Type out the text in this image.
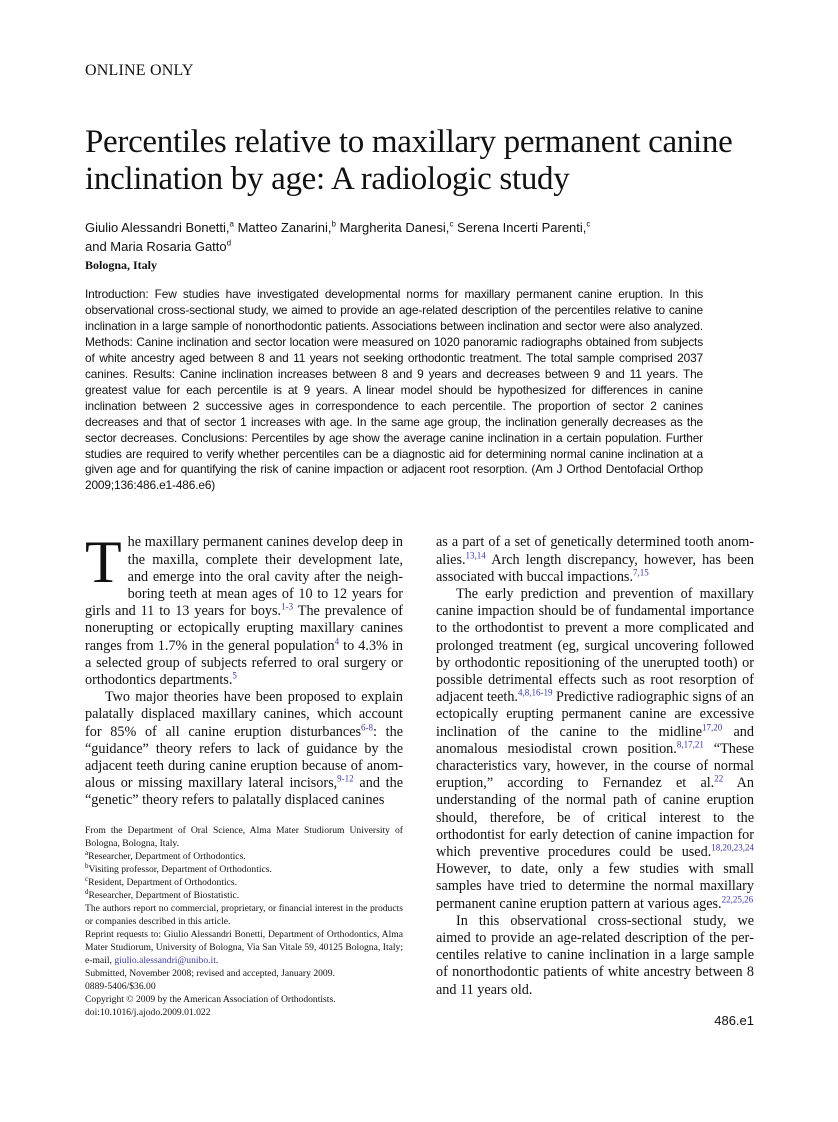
ONLINE ONLY
Percentiles relative to maxillary permanent canine inclination by age: A radiologic study
Giulio Alessandri Bonetti,$^a$ Matteo Zanarini,$^b$ Margherita Danesi,$^c$ Serena Incerti Parenti,$^c$
and Maria Rosaria Gatto$^d$
Bologna, Italy

Introduction: Few studies have investigated developmental norms for maxillary permanent canine eruption. In this observational cross-sectional study, we aimed to provide an age-related description of the percentiles relative to canine inclination in a large sample of nonorthodontic patients. Associations between inclination and sector were also analyzed. Methods: Canine inclination and sector location were measured on 1020 panoramic radiographs obtained from subjects of white ancestry aged between 8 and 11 years not seeking orthodontic treatment. The total sample comprised 2037 canines. Results: Canine inclination increases between 8 and 9 years and decreases between 9 and 11 years. The greatest value for each percentile is at 9 years. A linear model should be hypothesized for differences in canine inclination between 2 successive ages in correspondence to each percentile. The proportion of sector 2 canines decreases and that of sector 1 increases with age. In the same age group, the inclination generally decreases as the sector decreases. Conclusions: Percentiles by age show the average canine inclination in a certain population. Further studies are required to verify whether percentiles can be a diagnostic aid for determining normal canine inclination at a given age and for quantifying the risk of canine impaction or adjacent root resorption. (Am J Orthod Dentofacial Orthop 2009;136:486.e1-486.e6)

The maxillary permanent canines develop deep in the maxilla, complete their development late, and emerge into the oral cavity after the neighboring teeth at mean ages of 10 to 12 years for girls and 11 to 13 years for boys.$^{1-3}$ The prevalence of nonerupting or ectopically erupting maxillary canines ranges from 1.7% in the general population$^4$ to 4.3% in a selected group of subjects referred to oral surgery or orthodontics departments.$^5$

Two major theories have been proposed to explain palatally displaced maxillary canines, which account for 85% of all canine eruption disturbances$^{6-8}$: the “guidance” theory refers to lack of guidance by the adjacent teeth during canine eruption because of anomalous or missing maxillary lateral incisors,$^{9-12}$ and the “genetic” theory refers to palatally displaced canines

From the Department of Oral Science, Alma Mater Studiorum University of Bologna, Bologna, Italy.
$^a$Researcher, Department of Orthodontics.
$^b$Visiting professor, Department of Orthodontics.
$^c$Resident, Department of Orthodontics.
$^d$Researcher, Department of Biostatistic.
The authors report no commercial, proprietary, or financial interest in the products or companies described in this article.
Reprint requests to: Giulio Alessandri Bonetti, Department of Orthodontics, Alma Mater Studiorum, University of Bologna, Via San Vitale 59, 40125 Bologna, Italy; e-mail, giulio.alessandri@unibo.it.
Submitted, November 2008; revised and accepted, January 2009.
0889-5406/$36.00
Copyright © 2009 by the American Association of Orthodontists.
doi:10.1016/j.ajodo.2009.01.022

as a part of a set of genetically determined tooth anomalies.$^{13,14}$ Arch length discrepancy, however, has been associated with buccal impactions.$^{7,15}$

The early prediction and prevention of maxillary canine impaction should be of fundamental importance to the orthodontist to prevent a more complicated and prolonged treatment (eg, surgical uncovering followed by orthodontic repositioning of the unerupted tooth) or possible detrimental effects such as root resorption of adjacent teeth.$^{4,8,16-19}$ Predictive radiographic signs of an ectopically erupting permanent canine are excessive inclination of the canine to the midline$^{17,20}$ and anomalous mesiodistal crown position.$^{8,17,21}$ “These characteristics vary, however, in the course of normal eruption,” according to Fernandez et al.$^{22}$ An understanding of the normal path of canine eruption should, therefore, be of critical interest to the orthodontist for early detection of canine impaction for which preventive procedures could be used.$^{18,20,23,24}$ However, to date, only a few studies with small samples have tried to determine the normal maxillary permanent canine eruption pattern at various ages.$^{22,25,26}$

In this observational cross-sectional study, we aimed to provide an age-related description of the percentiles relative to canine inclination in a large sample of nonorthodontic patients of white ancestry between 8 and 11 years old.

486.e1
